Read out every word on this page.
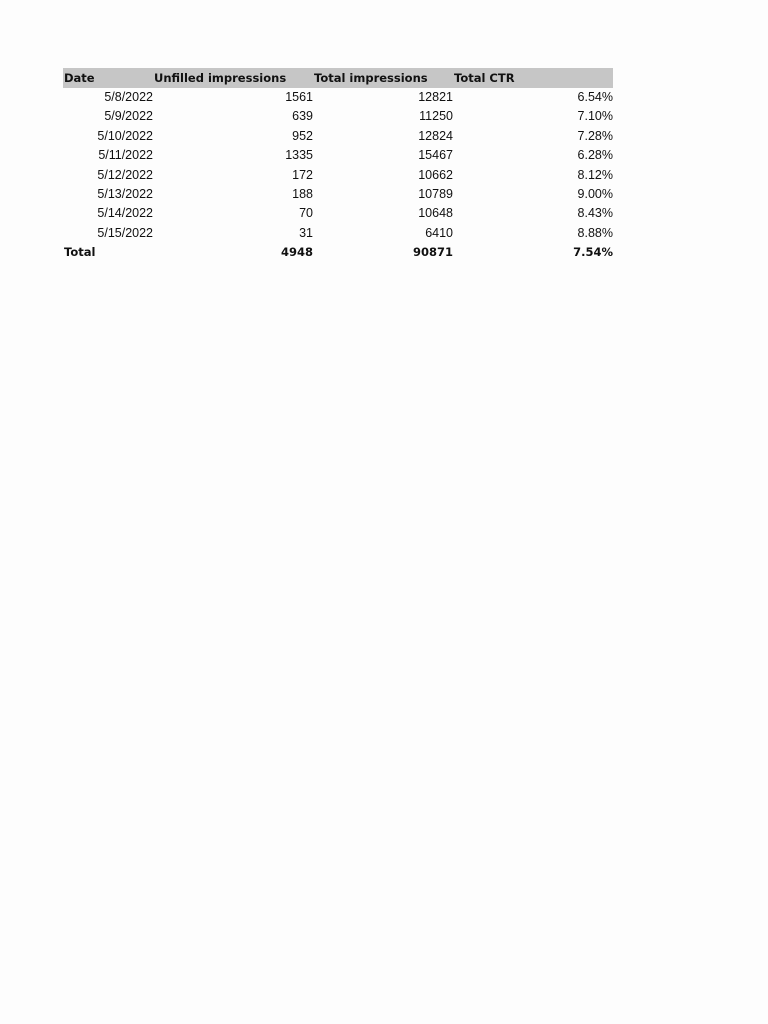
Date	Unfilled impressions	Total impressions	Total CTR
5/8/2022	1561	12821	6.54%
5/9/2022	639	11250	7.10%
5/10/2022	952	12824	7.28%
5/11/2022	1335	15467	6.28%
5/12/2022	172	10662	8.12%
5/13/2022	188	10789	9.00%
5/14/2022	70	10648	8.43%
5/15/2022	31	6410	8.88%
Total	4948	90871	7.54%
